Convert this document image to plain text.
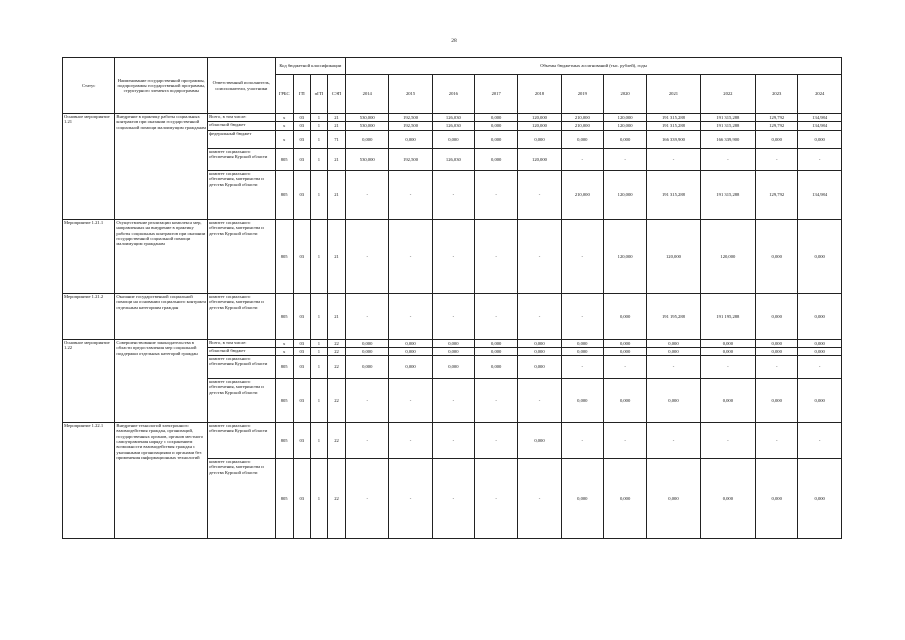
28
Статус	Наименование государственной программы, подпрограммы государственной программы, структурного элемента подпрограммы	Ответственный исполнитель, соисполнители, участники	Код бюджетной классификации				Объемы бюджетных ассигнований (тыс. рублей), годы										
			ГРБС	ГП	пГП	СЭП	2014	2015	2016	2017	2018	2019	2020	2021	2022	2023	2024
Основное мероприятие 1.21	Внедрение в практику работы социальных контрактов при оказании государственной социальной помощи малоимущим гражданам	Всего, в том числе:	x	03	1	21	530,000	192,500	126,030	0,000	120,000	210,000	120,000	191 315,288	191 315,288	129,792	134,984
		областной бюджет	x	03	1	21	530,000	192,500	126,030	0,000	120,000	210,000	120,000	191 315,288	191 315,288	129,792	134,984
		федеральный бюджет	x	03	1	71	0,000	0,000	0,000	0,000	0,000	0,000	0,000	166 339,900	166 339,900	0,000	0,000
		комитет социального обеспечения Курской области	805	03	1	21	530,000	192,500	126,030	0,000	120,000	-	-	-	-	-	-
		комитет социального обеспечения, материнства и детства Курской области	805	03	1	21	-	-	-	-	-	210,000	120,000	191 315,288	191 315,288	129,792	134,984
Мероприятие 1.21.1	Осуществление реализации комплекса мер, направленных на внедрение в практику работы социальных контрактов при оказании государственной социальной помощи малоимущим гражданам	комитет социального обеспечения, материнства и детства Курской области	805	03	1	21	-	-	-	-	-	-	120,000	120,000	120,000	0,000	0,000
Мероприятие 1.21.2	Оказание государственной социальной помощи на основании социального контракта отдельным категориям граждан	комитет социального обеспечения, материнства и детства Курской области	805	03	1	21	-	-	-	-	-	-	0,000	191 195,288	191 195,288	0,000	0,000
Основное мероприятие 1.22	Совершенствование законодательства в области предоставления мер социальной поддержки отдельных категорий граждан	Всего, в том числе:	x	03	1	22	0,000	0,000	0,000	0,000	0,000	0,000	0,000	0,000	0,000	0,000	0,000
		областной бюджет	x	03	1	22	0,000	0,000	0,000	0,000	0,000	0,000	0,000	0,000	0,000	0,000	0,000
		комитет социального обеспечения Курской области	805	03	1	22	0,000	0,000	0,000	0,000	0,000	-	-	-	-	-	-
		комитет социального обеспечения, материнства и детства Курской области	805	03	1	22	-	-	-	-	-	0,000	0,000	0,000	0,000	0,000	0,000
Мероприятие 1.22.1	Внедрение технологий электронного взаимодействия граждан, организаций, государственных органов, органов местного самоуправления наряду с сохранением возможности взаимодействия граждан с указанными организациями и органами без применения информационных технологий	комитет социального обеспечения Курской области	805	03	1	22	-	-	-	-	0,000	-	-	-	-	-	-
		комитет социального обеспечения, материнства и детства Курской области	805	03	1	22	-	-	-	-	-	0,000	0,000	0,000	0,000	0,000	0,000
